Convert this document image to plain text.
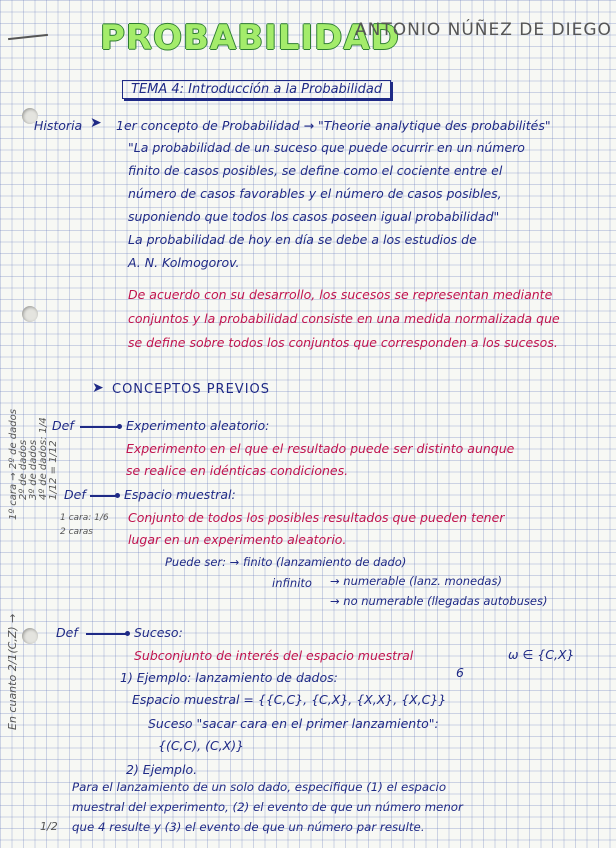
PROBABILIDAD
ANTONIO NÚÑEZ DE DIEGO
TEMA 4: Introducción a la Probabilidad
Historia ➤ 1er concepto de Probabilidad → "Theorie analytique des probabilités"
"La probabilidad de un suceso que puede ocurrir en un número
finito de casos posibles, se define como el cociente entre el
número de casos favorables y el número de casos posibles,
suponiendo que todos los casos poseen igual probabilidad"
La probabilidad de hoy en día se debe a los estudios de
A. N. Kolmogorov.
De acuerdo con su desarrollo, los sucesos se representan mediante
conjuntos y la probabilidad consiste en una medida normalizada que
se define sobre todos los conjuntos que corresponden a los sucesos.
➤ CONCEPTOS PREVIOS
Def	Experimento aleatorio:
Experimento en el que el resultado puede ser distinto aunque
se realice en idénticas condiciones.
Def	Espacio muestral:
Conjunto de todos los posibles resultados que pueden tener
lugar en un experimento aleatorio.
Puede ser: → finito (lanzamiento de dado)
infinito → numerable (lanz. monedas)
→ no numerable (llegadas autobuses)
Def	Suceso:
Subconjunto de interés del espacio muestral	ω ∈ {C,X}
1) Ejemplo: lanzamiento de dados:	6
Espacio muestral = {{C,C}, {C,X}, {X,X}, {X,C}}
Suceso "sacar cara en el primer lanzamiento":
{(C,C), (C,X)}
2) Ejemplo.
Para el lanzamiento de un solo dado, especifique (1) el espacio
muestral del experimento, (2) el evento de que un número menor
que 4 resulte y (3) el evento de que un número par resulte.
1/2
1º cara → 2º de dados 2º de dados 3º de dados 4º de dados: 1/4 1/12 = 1/12
1 cara: 1/6
2 caras
En cuanto 2/1(C,Z) →
